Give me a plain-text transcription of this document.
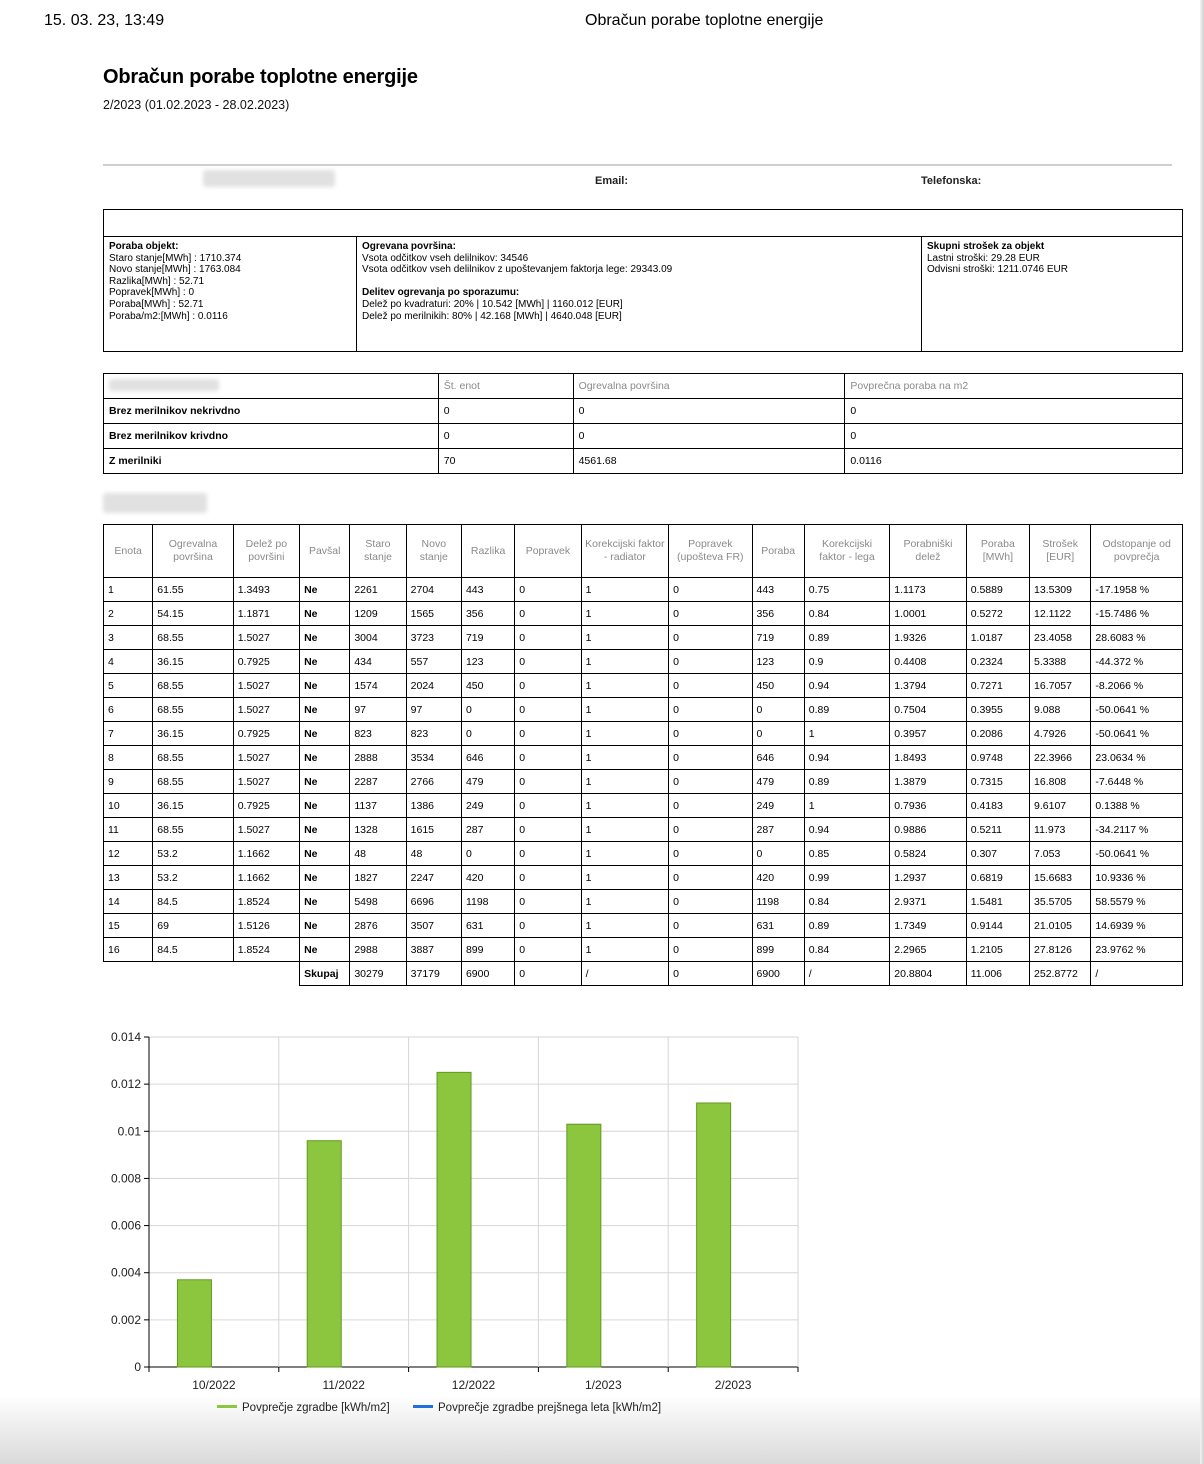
15. 03. 23, 13:49	Obračun porabe toplotne energije
Obračun porabe toplotne energije
2/2023 (01.02.2023 - 28.02.2023)
Email:	Telefonska:
Poraba objekt:
Staro stanje[MWh] : 1710.374
Novo stanje[MWh] : 1763.084
Razlika[MWh] : 52.71
Popravek[MWh] : 0
Poraba[MWh] : 52.71
Poraba/m2:[MWh] : 0.0116
Ogrevana površina:
Vsota odčitkov vseh delilnikov: 34546
Vsota odčitkov vseh delilnikov z upoštevanjem faktorja lege: 29343.09
Delitev ogrevanja po sporazumu:
Delež po kvadraturi: 20% | 10.542 [MWh] | 1160.012 [EUR]
Delež po merilnikih: 80% | 42.168 [MWh] | 4640.048 [EUR]
Skupni strošek za objekt
Lastni stroški: 29.28 EUR
Odvisni stroški: 1211.0746 EUR
	Št. enot	Ogrevalna površina	Povprečna poraba na m2
Brez merilnikov nekrivdno	0	0	0
Brez merilnikov krivdno	0	0	0
Z merilniki	70	4561.68	0.0116
Enota	Ogrevalna površina	Delež po površini	Pavšal	Staro stanje	Novo stanje	Razlika	Popravek	Korekcijski faktor - radiator	Popravek (upošteva FR)	Poraba	Korekcijski faktor - lega	Porabniški delež	Poraba [MWh]	Strošek [EUR]	Odstopanje od povprečja
1	61.55	1.3493	Ne	2261	2704	443	0	1	0	443	0.75	1.1173	0.5889	13.5309	-17.1958 %
2	54.15	1.1871	Ne	1209	1565	356	0	1	0	356	0.84	1.0001	0.5272	12.1122	-15.7486 %
3	68.55	1.5027	Ne	3004	3723	719	0	1	0	719	0.89	1.9326	1.0187	23.4058	28.6083 %
4	36.15	0.7925	Ne	434	557	123	0	1	0	123	0.9	0.4408	0.2324	5.3388	-44.372 %
5	68.55	1.5027	Ne	1574	2024	450	0	1	0	450	0.94	1.3794	0.7271	16.7057	-8.2066 %
6	68.55	1.5027	Ne	97	97	0	0	1	0	0	0.89	0.7504	0.3955	9.088	-50.0641 %
7	36.15	0.7925	Ne	823	823	0	0	1	0	0	1	0.3957	0.2086	4.7926	-50.0641 %
8	68.55	1.5027	Ne	2888	3534	646	0	1	0	646	0.94	1.8493	0.9748	22.3966	23.0634 %
9	68.55	1.5027	Ne	2287	2766	479	0	1	0	479	0.89	1.3879	0.7315	16.808	-7.6448 %
10	36.15	0.7925	Ne	1137	1386	249	0	1	0	249	1	0.7936	0.4183	9.6107	0.1388 %
11	68.55	1.5027	Ne	1328	1615	287	0	1	0	287	0.94	0.9886	0.5211	11.973	-34.2117 %
12	53.2	1.1662	Ne	48	48	0	0	1	0	0	0.85	0.5824	0.307	7.053	-50.0641 %
13	53.2	1.1662	Ne	1827	2247	420	0	1	0	420	0.99	1.2937	0.6819	15.6683	10.9336 %
14	84.5	1.8524	Ne	5498	6696	1198	0	1	0	1198	0.84	2.9371	1.5481	35.5705	58.5579 %
15	69	1.5126	Ne	2876	3507	631	0	1	0	631	0.89	1.7349	0.9144	21.0105	14.6939 %
16	84.5	1.8524	Ne	2988	3887	899	0	1	0	899	0.84	2.2965	1.2105	27.8126	23.9762 %
			Skupaj	30279	37179	6900	0	/	0	6900	/	20.8804	11.006	252.8772	/
0
0.002
0.004
0.006
0.008
0.01
0.012
0.014
10/2022	11/2022	12/2022	1/2023	2/2023
Povprečje zgradbe [kWh/m2]	Povprečje zgradbe prejšnega leta [kWh/m2]
